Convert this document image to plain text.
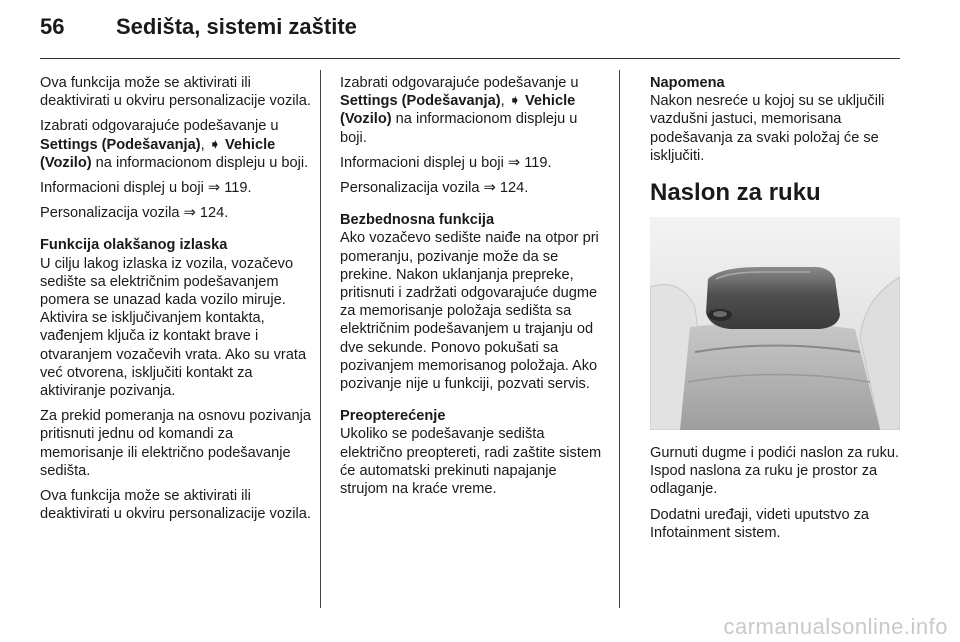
56 Sedišta, sistemi zaštite

Ova funkcija može se aktivirati ili deaktivirati u okviru personalizacije vozila.

Izabrati odgovarajuće podešavanje u Settings (Podešavanja), ➧ Vehicle (Vozilo) na informacionom displeju u boji.

Informacioni displej u boji ⇒ 119.

Personalizacija vozila ⇒ 124.

Funkcija olakšanog izlaska

U cilju lakog izlaska iz vozila, vozačevo sedište sa električnim podešavanjem pomera se unazad kada vozilo miruje. Aktivira se isključivanjem kontakta, vađenjem ključa iz kontakt brave i otvaranjem vozačevih vrata. Ako su vrata već otvorena, isključiti kontakt za aktiviranje pozivanja.

Za prekid pomeranja na osnovu pozivanja pritisnuti jednu od komandi za memorisanje ili električno podešavanje sedišta.

Ova funkcija može se aktivirati ili deaktivirati u okviru personalizacije vozila.

Izabrati odgovarajuće podešavanje u Settings (Podešavanja), ➧ Vehicle (Vozilo) na informacionom displeju u boji.

Informacioni displej u boji ⇒ 119.

Personalizacija vozila ⇒ 124.

Bezbednosna funkcija

Ako vozačevo sedište naiđe na otpor pri pomeranju, pozivanje može da se prekine. Nakon uklanjanja prepreke, pritisnuti i zadržati odgovarajuće dugme za memorisanje položaja sedišta sa električnim podešavanjem u trajanju od dve sekunde. Ponovo pokušati sa pozivanjem memorisanog položaja. Ako pozivanje nije u funkciji, pozvati servis.

Preopterećenje

Ukoliko se podešavanje sedišta električno preoptereti, radi zaštite sistem će automatski prekinuti napajanje strujom na kraće vreme.

Napomena

Nakon nesreće u kojoj su se uključili vazdušni jastuci, memorisana podešavanja za svaki položaj će se isključiti.

Naslon za ruku

Gurnuti dugme i podići naslon za ruku. Ispod naslona za ruku je prostor za odlaganje.

Dodatni uređaji, videti uputstvo za Infotainment sistem.

carmanualsonline.info
